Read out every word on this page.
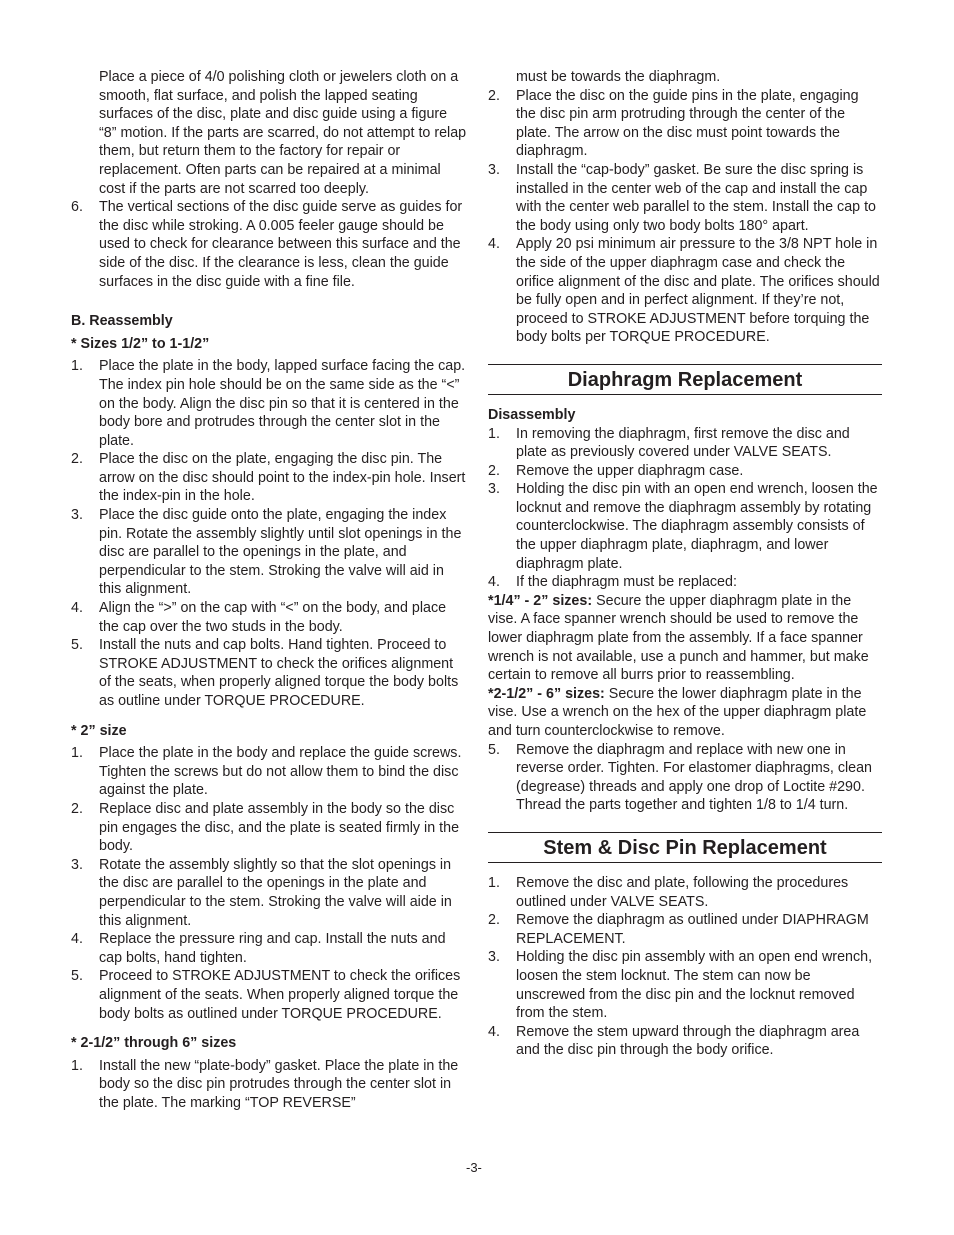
Place a piece of 4/0 polishing cloth or jewelers cloth on a smooth, flat surface, and polish the lapped seating surfaces of the disc, plate and disc guide using a figure “8” motion. If the parts are scarred, do not attempt to relap them, but return them to the factory for repair or replacement. Often parts can be repaired at a minimal cost if the parts are not scarred too deeply.

6. The vertical sections of the disc guide serve as guides for the disc while stroking. A 0.005 feeler gauge should be used to check for clearance between this surface and the side of the disc. If the clearance is less, clean the guide surfaces in the disc guide with a fine file.

B. Reassembly

* Sizes 1/2” to 1-1/2”

1. Place the plate in the body, lapped surface facing the cap. The index pin hole should be on the same side as the “<” on the body. Align the disc pin so that it is centered in the body bore and protrudes through the center slot in the plate.
2. Place the disc on the plate, engaging the disc pin. The arrow on the disc should point to the index-pin hole. Insert the index-pin in the hole.
3. Place the disc guide onto the plate, engaging the index pin. Rotate the assembly slightly until slot openings in the disc are parallel to the openings in the plate, and perpendicular to the stem. Stroking the valve will aid in this alignment.
4. Align the “>” on the cap with “<” on the body, and place the cap over the two studs in the body.
5. Install the nuts and cap bolts. Hand tighten. Proceed to STROKE ADJUSTMENT to check the orifices alignment of the seats, when properly aligned torque the body bolts as outline under TORQUE PROCEDURE.

* 2” size

1. Place the plate in the body and replace the guide screws. Tighten the screws but do not allow them to bind the disc against the plate.
2. Replace disc and plate assembly in the body so the disc pin engages the disc, and the plate is seated firmly in the body.
3. Rotate the assembly slightly so that the slot openings in the disc are parallel to the openings in the plate and perpendicular to the stem. Stroking the valve will aide in this alignment.
4. Replace the pressure ring and cap. Install the nuts and cap bolts, hand tighten.
5. Proceed to STROKE ADJUSTMENT to check the orifices alignment of the seats. When properly aligned torque the body bolts as outlined under TORQUE PROCEDURE.

* 2-1/2” through 6” sizes

1. Install the new “plate-body” gasket. Place the plate in the body so the disc pin protrudes through the center slot in the plate. The marking “TOP REVERSE”

must be towards the diaphragm.

2. Place the disc on the guide pins in the plate, engaging the disc pin arm protruding through the center of the plate. The arrow on the disc must point towards the diaphragm.
3. Install the “cap-body” gasket. Be sure the disc spring is installed in the center web of the cap and install the cap with the center web parallel to the stem. Install the cap to the body using only two body bolts 180° apart.
4. Apply 20 psi minimum air pressure to the 3/8 NPT hole in the side of the upper diaphragm case and check the orifice alignment of the disc and plate. The orifices should be fully open and in perfect alignment. If they’re not, proceed to STROKE ADJUSTMENT before torquing the body bolts per TORQUE PROCEDURE.
Diaphragm Replacement

Disassembly

1. In removing the diaphragm, first remove the disc and plate as previously covered under VALVE SEATS.
2. Remove the upper diaphragm case.
3. Holding the disc pin with an open end wrench, loosen the locknut and remove the diaphragm assembly by rotating counterclockwise. The diaphragm assembly consists of the upper diaphragm plate, diaphragm, and lower diaphragm plate.
4. If the diaphragm must be replaced:

*1/4” - 2” sizes: Secure the upper diaphragm plate in the vise. A face spanner wrench should be used to remove the lower diaphragm plate from the assembly. If a face spanner wrench is not available, use a punch and hammer, but make certain to remove all burrs prior to reassembling.

*2-1/2” - 6” sizes: Secure the lower diaphragm plate in the vise. Use a wrench on the hex of the upper diaphragm plate and turn counterclockwise to remove.

5. Remove the diaphragm and replace with new one in reverse order. Tighten. For elastomer diaphragms, clean (degrease) threads and apply one drop of Loctite #290. Thread the parts together and tighten 1/8 to 1/4 turn.
Stem & Disc Pin Replacement
1. Remove the disc and plate, following the procedures outlined under VALVE SEATS.
2. Remove the diaphragm as outlined under DIAPHRAGM REPLACEMENT.
3. Holding the disc pin assembly with an open end wrench, loosen the stem locknut. The stem can now be unscrewed from the disc pin and the locknut removed from the stem.
4. Remove the stem upward through the diaphragm area and the disc pin through the body orifice.
-3-
